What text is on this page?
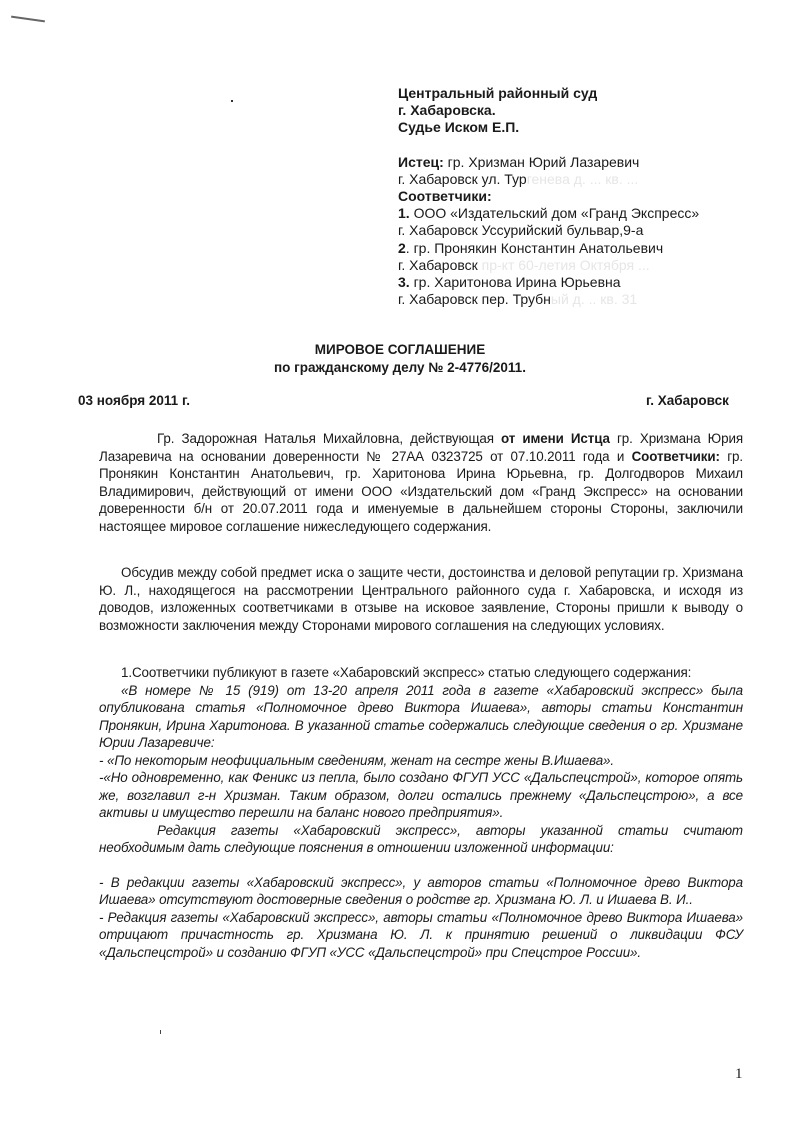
Центральный районный суд
г. Хабаровска.
Судье Иском Е.П.
Истец: гр. Хризман Юрий Лазаревич
г. Хабаровск ул. Тургенева д. ... кв. ...
Соответчики:
1. ООО «Издательский дом «Гранд Экспресс»
г. Хабаровск Уссурийский бульвар,9-а
2. гр. Пронякин Константин Анатольевич
г. Хабаровск пр-кт 60-летия Октября ...
3. гр. Харитонова Ирина Юрьевна
г. Хабаровск пер. Трубный д. .. кв. 31
МИРОВОЕ СОГЛАШЕНИЕ
по гражданскому делу № 2-4776/2011.
03 ноября 2011 г.	г. Хабаровск

Гр. Задорожная Наталья Михайловна, действующая от имени Истца гр. Хризмана Юрия Лазаревича на основании доверенности № 27АА 0323725 от 07.10.2011 года и Соответчики: гр. Пронякин Константин Анатольевич, гр. Харитонова Ирина Юрьевна, гр. Долгодворов Михаил Владимирович, действующий от имени ООО «Издательский дом «Гранд Экспресс» на основании доверенности б/н от 20.07.2011 года и именуемые в дальнейшем стороны Стороны, заключили настоящее мировое соглашение нижеследующего содержания.

Обсудив между собой предмет иска о защите чести, достоинства и деловой репутации гр. Хризмана Ю. Л., находящегося на рассмотрении Центрального районного суда г. Хабаровска, и исходя из доводов, изложенных соответчиками в отзыве на исковое заявление, Стороны пришли к выводу о возможности заключения между Сторонами мирового соглашения на следующих условиях.

1.Соответчики публикуют в газете «Хабаровский экспресс» статью следующего содержания:

«В номере № 15 (919) от 13-20 апреля 2011 года в газете «Хабаровский экспресс» была опубликована статья «Полномочное древо Виктора Ишаева», авторы статьи Константин Пронякин, Ирина Харитонова. В указанной статье содержались следующие сведения о гр. Хризмане Юрии Лазаревиче:

- «По некоторым неофициальным сведениям, женат на сестре жены В.Ишаева».

-«Но одновременно, как Феникс из пепла, было создано ФГУП УСС «Дальспецстрой», которое опять же, возглавил г-н Хризман. Таким образом, долги остались прежнему «Дальспецстрою», а все активы и имущество перешли на баланс нового предприятия».

Редакция газеты «Хабаровский экспресс», авторы указанной статьи считают необходимым дать следующие пояснения в отношении изложенной информации:

- В редакции газеты «Хабаровский экспресс», у авторов статьи «Полномочное древо Виктора Ишаева» отсутствуют достоверные сведения о родстве гр. Хризмана Ю. Л. и Ишаева В. И..

- Редакция газеты «Хабаровский экспресс», авторы статьи «Полномочное древо Виктора Ишаева» отрицают причастность гр. Хризмана Ю. Л. к принятию решений о ликвидации ФСУ «Дальспецстрой» и созданию ФГУП «УСС «Дальспецстрой» при Спецстрое России».

1
